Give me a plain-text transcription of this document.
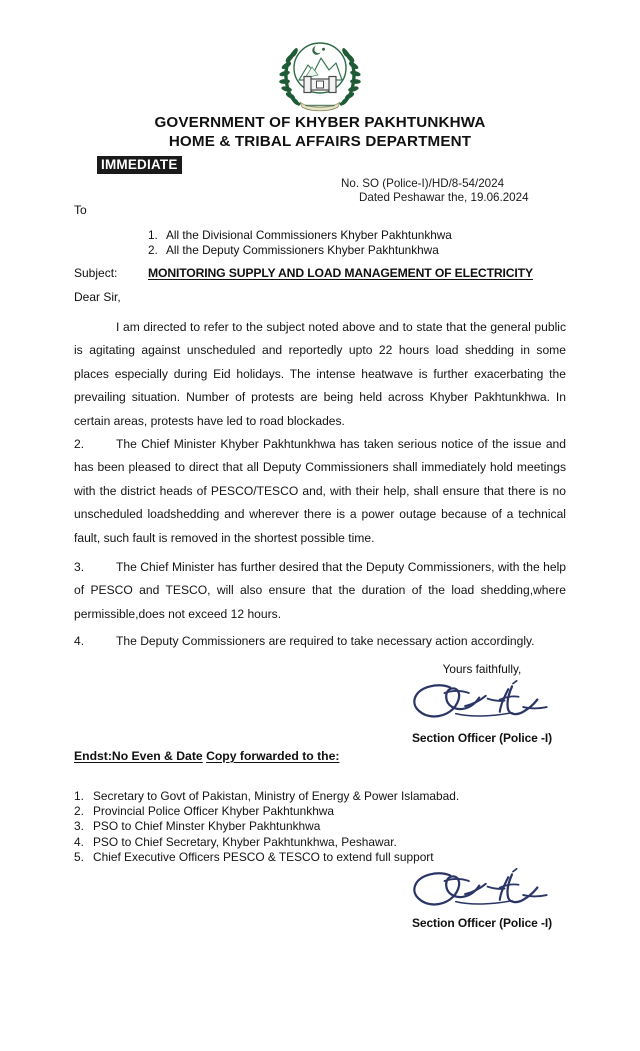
GOVERNMENT OF KHYBER PAKHTUNKHWA
HOME & TRIBAL AFFAIRS DEPARTMENT
IMMEDIATE
No. SO (Police-I)/HD/8-54/2024
Dated Peshawar the, 19.06.2024
To
1. All the Divisional Commissioners Khyber Pakhtunkhwa
2. All the Deputy Commissioners Khyber Pakhtunkhwa
Subject:	MONITORING SUPPLY AND LOAD MANAGEMENT OF ELECTRICITY
Dear Sir,
I am directed to refer to the subject noted above and to state that the general public is agitating against unscheduled and reportedly upto 22 hours load shedding in some places especially during Eid holidays. The intense heatwave is further exacerbating the prevailing situation. Number of protests are being held across Khyber Pakhtunkhwa. In certain areas, protests have led to road blockades.
2.	The Chief Minister Khyber Pakhtunkhwa has taken serious notice of the issue and has been pleased to direct that all Deputy Commissioners shall immediately hold meetings with the district heads of PESCO/TESCO and, with their help, shall ensure that there is no unscheduled loadshedding and wherever there is a power outage because of a technical fault, such fault is removed in the shortest possible time.
3.	The Chief Minister has further desired that the Deputy Commissioners, with the help of PESCO and TESCO, will also ensure that the duration of the load shedding,where permissible,does not exceed 12 hours.
4.	The Deputy Commissioners are required to take necessary action accordingly.
Yours faithfully,
Section Officer (Police -I)
Endst:No Even & Date Copy forwarded to the:
1. Secretary to Govt of Pakistan, Ministry of Energy & Power Islamabad.
2. Provincial Police Officer Khyber Pakhtunkhwa
3. PSO to Chief Minster Khyber Pakhtunkhwa
4. PSO to Chief Secretary, Khyber Pakhtunkhwa, Peshawar.
5. Chief Executive Officers PESCO & TESCO to extend full support
Section Officer (Police -I)
